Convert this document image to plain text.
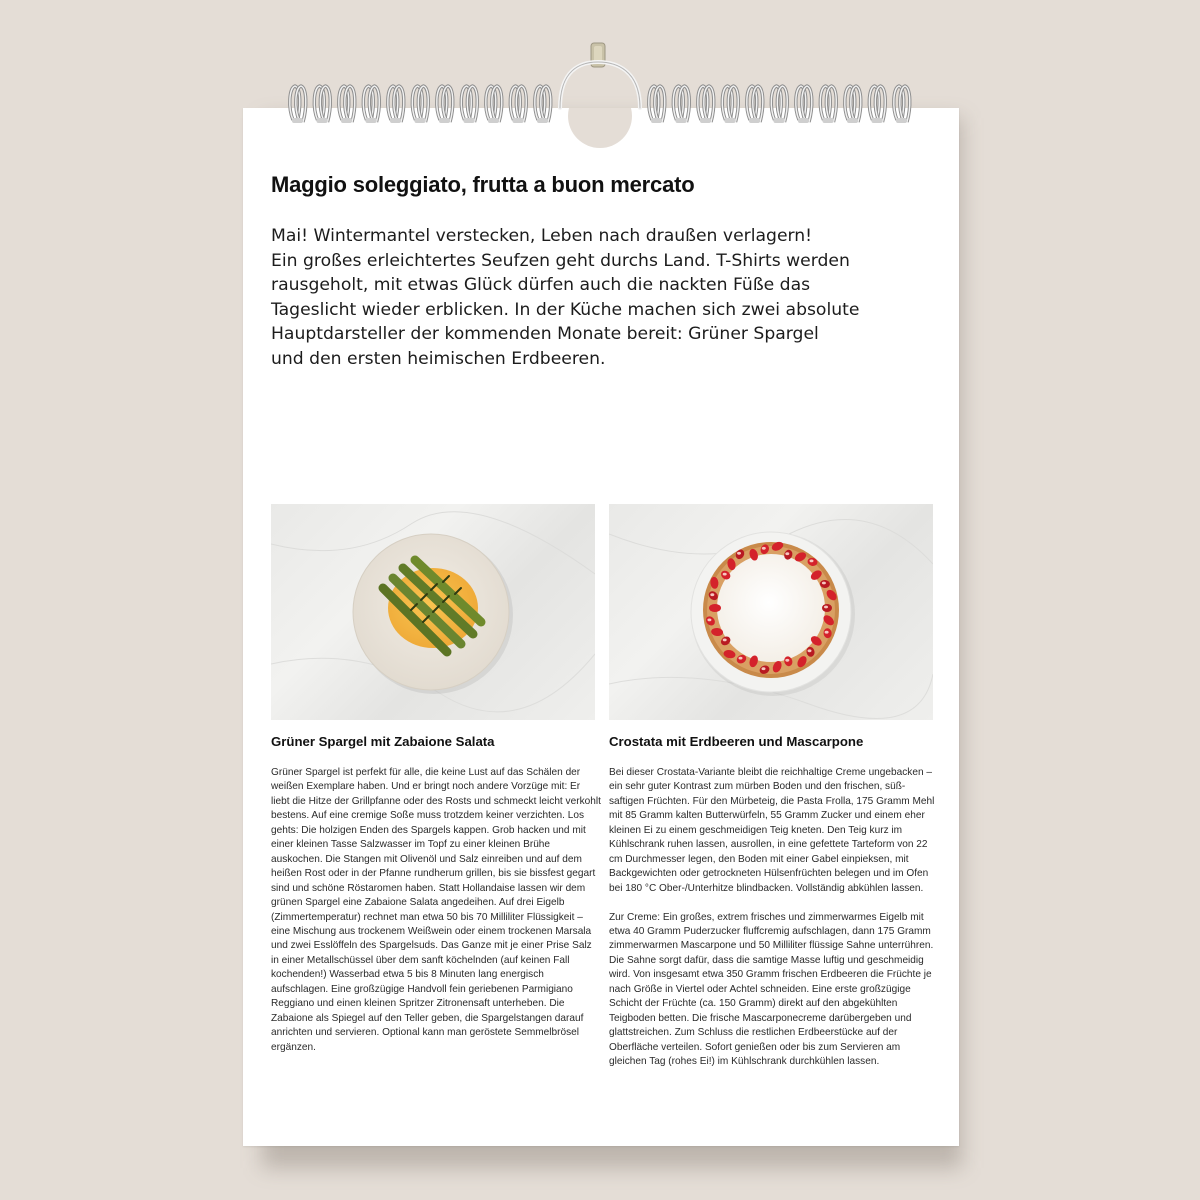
Maggio soleggiato, frutta a buon mercato

Mai! Wintermantel verstecken, Leben nach draußen verlagern!
Ein großes erleichtertes Seufzen geht durchs Land. T-Shirts werden
rausgeholt, mit etwas Glück dürfen auch die nackten Füße das
Tageslicht wieder erblicken. In der Küche machen sich zwei absolute
Hauptdarsteller der kommenden Monate bereit: Grüner Spargel
und den ersten heimischen Erdbeeren.

Grüner Spargel mit Zabaione Salata	Crostata mit Erdbeeren und Mascarpone

Grüner Spargel ist perfekt für alle, die keine Lust auf das Schälen der weißen Exemplare haben. Und er bringt noch andere Vorzüge mit: Er liebt die Hitze der Grillpfanne oder des Rosts und schmeckt leicht verkohlt bestens. Auf eine cremige Soße muss trotzdem keiner verzichten. Los gehts: Die holzigen Enden des Spargels kappen. Grob hacken und mit einer kleinen Tasse Salzwasser im Topf zu einer kleinen Brühe auskochen. Die Stangen mit Olivenöl und Salz einreiben und auf dem heißen Rost oder in der Pfanne rundherum grillen, bis sie bissfest gegart sind und schöne Röstaromen haben. Statt Hollandaise lassen wir dem grünen Spargel eine Zabaione Salata angedeihen. Auf drei Eigelb (Zimmertemperatur) rechnet man etwa 50 bis 70 Milliliter Flüssigkeit – eine Mischung aus trockenem Weißwein oder einem trockenen Marsala und zwei Esslöffeln des Spargelsuds. Das Ganze mit je einer Prise Salz in einer Metallschüssel über dem sanft köchelnden (auf keinen Fall kochenden!) Wasserbad etwa 5 bis 8 Minuten lang energisch aufschlagen. Eine großzügige Handvoll fein geriebenen Parmigiano Reggiano und einen kleinen Spritzer Zitronensaft unterheben. Die Zabaione als Spiegel auf den Teller geben, die Spargelstangen darauf anrichten und servieren. Optional kann man geröstete Semmelbrösel ergänzen.

Bei dieser Crostata-Variante bleibt die reichhaltige Creme ungebacken – ein sehr guter Kontrast zum mürben Boden und den frischen, süß-saftigen Früchten. Für den Mürbeteig, die Pasta Frolla, 175 Gramm Mehl mit 85 Gramm kalten Butterwürfeln, 55 Gramm Zucker und einem eher kleinen Ei zu einem geschmeidigen Teig kneten. Den Teig kurz im Kühlschrank ruhen lassen, ausrollen, in eine gefettete Tarteform von 22 cm Durchmesser legen, den Boden mit einer Gabel einpieksen, mit Backgewichten oder getrockneten Hülsenfrüchten belegen und im Ofen bei 180 °C Ober-/Unterhitze blindbacken. Vollständig abkühlen lassen.

Zur Creme: Ein großes, extrem frisches und zimmerwarmes Eigelb mit etwa 40 Gramm Puderzucker fluffcremig aufschlagen, dann 175 Gramm zimmerwarmen Mascarpone und 50 Milliliter flüssige Sahne unterrühren. Die Sahne sorgt dafür, dass die samtige Masse luftig und geschmeidig wird. Von insgesamt etwa 350 Gramm frischen Erdbeeren die Früchte je nach Größe in Viertel oder Achtel schneiden. Eine erste großzügige Schicht der Früchte (ca. 150 Gramm) direkt auf den abgekühlten Teigboden betten. Die frische Mascarponecreme darübergeben und glattstreichen. Zum Schluss die restlichen Erdbeerstücke auf der Oberfläche verteilen. Sofort genießen oder bis zum Servieren am gleichen Tag (rohes Ei!) im Kühlschrank durchkühlen lassen.
